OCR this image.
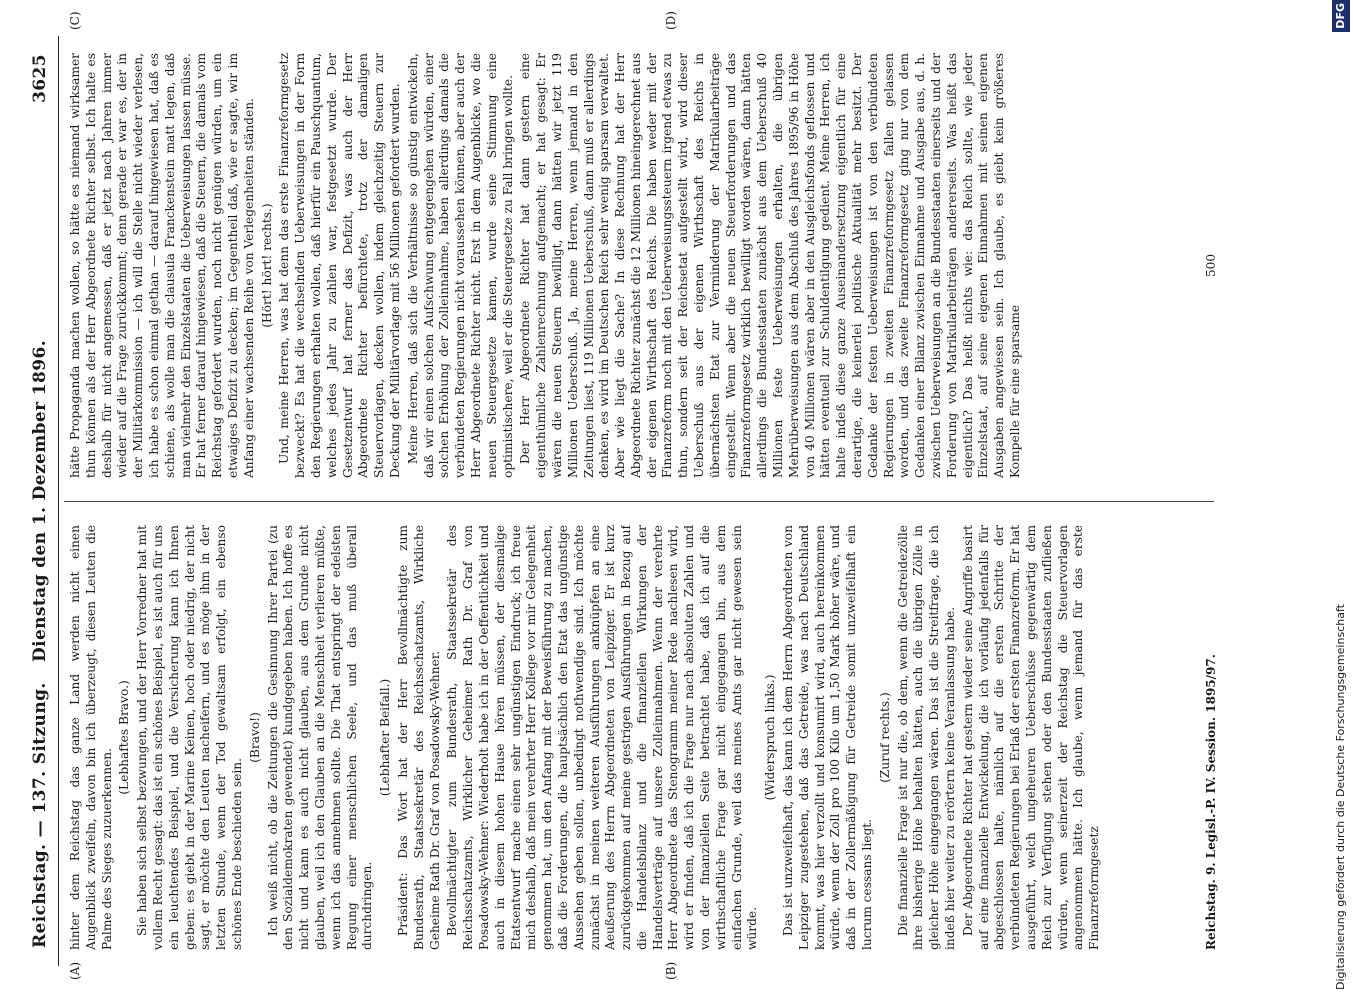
Reichstag. — 137. Sitzung.
Dienstag den 1. Dezember 1896.
3625
(A)	(B)
(C)	(D)

hinter dem Reichstag das ganze Land werden nicht einen Augenblick zweifeln, davon bin ich überzeugt, diesen Leuten die Palme des Sieges zuzuerkennen.

(Lebhaftes Bravo.) Sie haben sich selbst bezwungen, und der Herr Vorredner hat mit vollem Recht gesagt: das ist ein schönes Beispiel, es ist auch für uns ein leuchtendes Beispiel, und die Versicherung kann ich Ihnen geben: es giebt in der Marine Keinen, hoch oder niedrig, der nicht sagt, er möchte den Leuten nacheifern, und es möge ihm in der letzten Stunde, wenn der Tod gewaltsam erfolgt, ein ebenso schönes Ende beschieden sein.

(Bravo!) Ich weiß nicht, ob die Zeitungen die Gesinnung Ihrer Partei (zu den Sozialdemokraten gewendet) kundgegeben haben. Ich hoffe es nicht und kann es auch nicht glauben, aus dem Grunde nicht glauben, weil ich den Glauben an die Menschheit verlieren müßte, wenn ich das annehmen sollte. Die That entspringt der edelsten Regung einer menschlichen Seele, und das muß überall durchdringen.

(Lebhafter Beifall.) Präsident: Das Wort hat der Herr Bevollmächtigte zum Bundesrath, Staatssekretär des Reichsschatzamts, Wirkliche Geheime Rath Dr. Graf von Posadowsky-Wehner. Bevollmächtigter zum Bundesrath, Staatssekretär des Reichsschatzamts, Wirklicher Geheimer Rath Dr. Graf von Posadowsky-Wehner: Wiederholt habe ich in der Oeffentlichkeit und auch in diesem hohen Hause hören müssen, der diesmalige Etatsentwurf mache einen sehr ungünstigen Eindruck; ich freue mich deshalb, daß mein verehrter Herr Kollege vor mir Gelegenheit genommen hat, um den Anfang mit der Beweisführung zu machen, daß die Forderungen, die hauptsächlich den Etat das ungünstige Aussehen geben sollen, unbedingt nothwendige sind. Ich möchte zunächst in meinen weiteren Ausführungen anknüpfen an eine Aeußerung des Herrn Abgeordneten von Leipziger. Er ist kurz zurückgekommen auf meine gestrigen Ausführungen in Bezug auf die Handelsbilanz und die finanziellen Wirkungen der Handelsverträge auf unsere Zolleinnahmen. Wenn der verehrte Herr Abgeordnete das Stenogramm meiner Rede nachlesen wird, wird er finden, daß ich die Frage nur nach absoluten Zahlen und von der finanziellen Seite betrachtet habe, daß ich auf die wirthschaftliche Frage gar nicht eingegangen bin, aus dem einfachen Grunde, weil das meines Amts gar nicht gewesen sein würde.

(Widerspruch links.) Das ist unzweifelhaft, das kann ich dem Herrn Abgeordneten von Leipziger zugestehen, daß das Getreide, was nach Deutschland kommt, was hier verzollt und konsumirt wird, auch hereinkommen würde, wenn der Zoll pro 100 Kilo um 1,50 Mark höher wäre, und daß in der Zollermäßigung für Getreide somit unzweifelhaft ein lucrum cessans liegt.

(Zuruf rechts.) Die finanzielle Frage ist nur die, ob dem, wenn die Getreidezölle ihre bisherige Höhe behalten hätten, auch die übrigen Zölle in gleicher Höhe eingegangen wären. Das ist die Streitfrage, die ich indeß hier weiter zu erörtern keine Veranlassung habe. Der Abgeordnete Richter hat gestern wieder seine Angriffe basirt auf eine finanzielle Entwickelung, die ich vorläufig jedenfalls für abgeschlossen halte, nämlich auf die ersten Schritte der verbündeten Regierungen bei Erlaß der ersten Finanzreform. Er hat ausgeführt, welch ungeheuren Ueberschüsse gegenwärtig dem Reich zur Verfügung stehen oder den Bundesstaaten zufließen würden, wenn seinerzeit der Reichstag die Steuervorlagen angenommen hätte. Ich glaube, wenn jemand für das erste Finanzreformgesetz

hätte Propaganda machen wollen, so hätte es niemand wirksamer thun können als der Herr Abgeordnete Richter selbst. Ich halte es deshalb für nicht angemessen, daß er jetzt nach Jahren immer wieder auf die Frage zurückkommt; denn gerade er war es, der in der Militärkommission — ich will die Stelle nicht wieder verlesen, ich habe es schon einmal gethan — darauf hingewiesen hat, daß es schiene, als wolle man die clausula Franckenstein matt legen, daß man vielmehr den Einzelstaaten die Ueberweisungen lassen müsse. Er hat ferner darauf hingewiesen, daß die Steuern, die damals vom Reichstag gefordert wurden, noch nicht genügen würden, um ein etwaiges Defizit zu decken; im Gegentheil daß, wie er sagte, wir im Anfang einer wachsenden Reihe von Verlegenheiten ständen. (Hört! hört! rechts.) Und, meine Herren, was hat denn das erste Finanzreformgesetz bezweckt? Es hat die wechselnden Ueberweisungen in der Form den Regierungen erhalten wollen, daß hierfür ein Pauschquantum, welches jedes Jahr zu zahlen war, festgesetzt wurde. Der Gesetzentwurf hat ferner das Defizit, was auch der Herr Abgeordnete Richter befürchtete, trotz der damaligen Steuervorlagen, decken wollen, indem gleichzeitig Steuern zur Deckung der Militärvorlage mit 56 Millionen gefordert wurden. Meine Herren, daß sich die Verhältnisse so günstig entwickeln, daß wir einen solchen Aufschwung entgegengehen würden, einer solchen Erhöhung der Zolleinnahme, haben allerdings damals die verbündeten Regierungen nicht voraussehen können, aber auch der Herr Abgeordnete Richter nicht. Erst in dem Augenblicke, wo die neuen Steuergesetze kamen, wurde seine Stimmung eine optimistischere, weil er die Steuergesetze zu Fall bringen wollte. Der Herr Abgeordnete Richter hat dann gestern eine eigenthümliche Zahlenrechnung aufgemacht; er hat gesagt: Er wären die neuen Steuern bewilligt, dann hätten wir jetzt 119 Millionen Ueberschuß. Ja, meine Herren, wenn jemand in den Zeitungen liest, 119 Millionen Ueberschuß, dann muß er allerdings denken, es wird im Deutschen Reich sehr wenig sparsam verwaltet. Aber wie liegt die Sache? In diese Rechnung hat der Herr Abgeordnete Richter zunächst die 12 Millionen hineingerechnet aus der eigenen Wirthschaft des Reichs. Die haben weder mit der Finanzreform noch mit den Ueberweisungssteuern irgend etwas zu thun, sondern seit der Reichsetat aufgestellt wird, wird dieser Ueberschuß aus der eigenen Wirthschaft des Reichs in übernächsten Etat zur Verminderung der Matrikularbeiträge eingestellt. Wenn aber die neuen Steuerforderungen und das Finanzreformgesetz wirklich bewilligt worden wären, dann hätten allerdings die Bundesstaaten zunächst aus dem Ueberschuß 40 Millionen feste Ueberweisungen erhalten, die übrigen Mehrüberweisungen aus dem Abschluß des Jahres 1895/96 in Höhe von 40 Millionen wären aber in den Ausgleichsfonds geflossen und hätten eventuell zur Schuldentilgung gedient. Meine Herren, ich halte indeß diese ganze Auseinandersetzung eigentlich für eine derartige, die keinerlei politische Aktualität mehr besitzt. Der Gedanke der festen Ueberweisungen ist von den verbündeten Regierungen in zweiten Finanzreformgesetz fallen gelassen worden, und das zweite Finanzreformgesetz ging nur von dem Gedanken einer Bilanz zwischen Einnahme und Ausgabe aus, d. h. zwischen Ueberweisungen an die Bundesstaaten einerseits und der Forderung von Matrikularbeiträgen andererseits. Was heißt das eigentlich? Das heißt nichts wie: das Reich sollte, wie jeder Einzelstaat, auf seine eigenen Einnahmen mit seinen eigenen Ausgaben angewiesen sein. Ich glaube, es giebt kein größeres Kompelle für eine sparsame

Reichstag. 9. Legisl.-P. IV. Session. 1895/97.
500
Digitalisierung gefördert durch die Deutsche Forschungsgemeinschaft
DFG
